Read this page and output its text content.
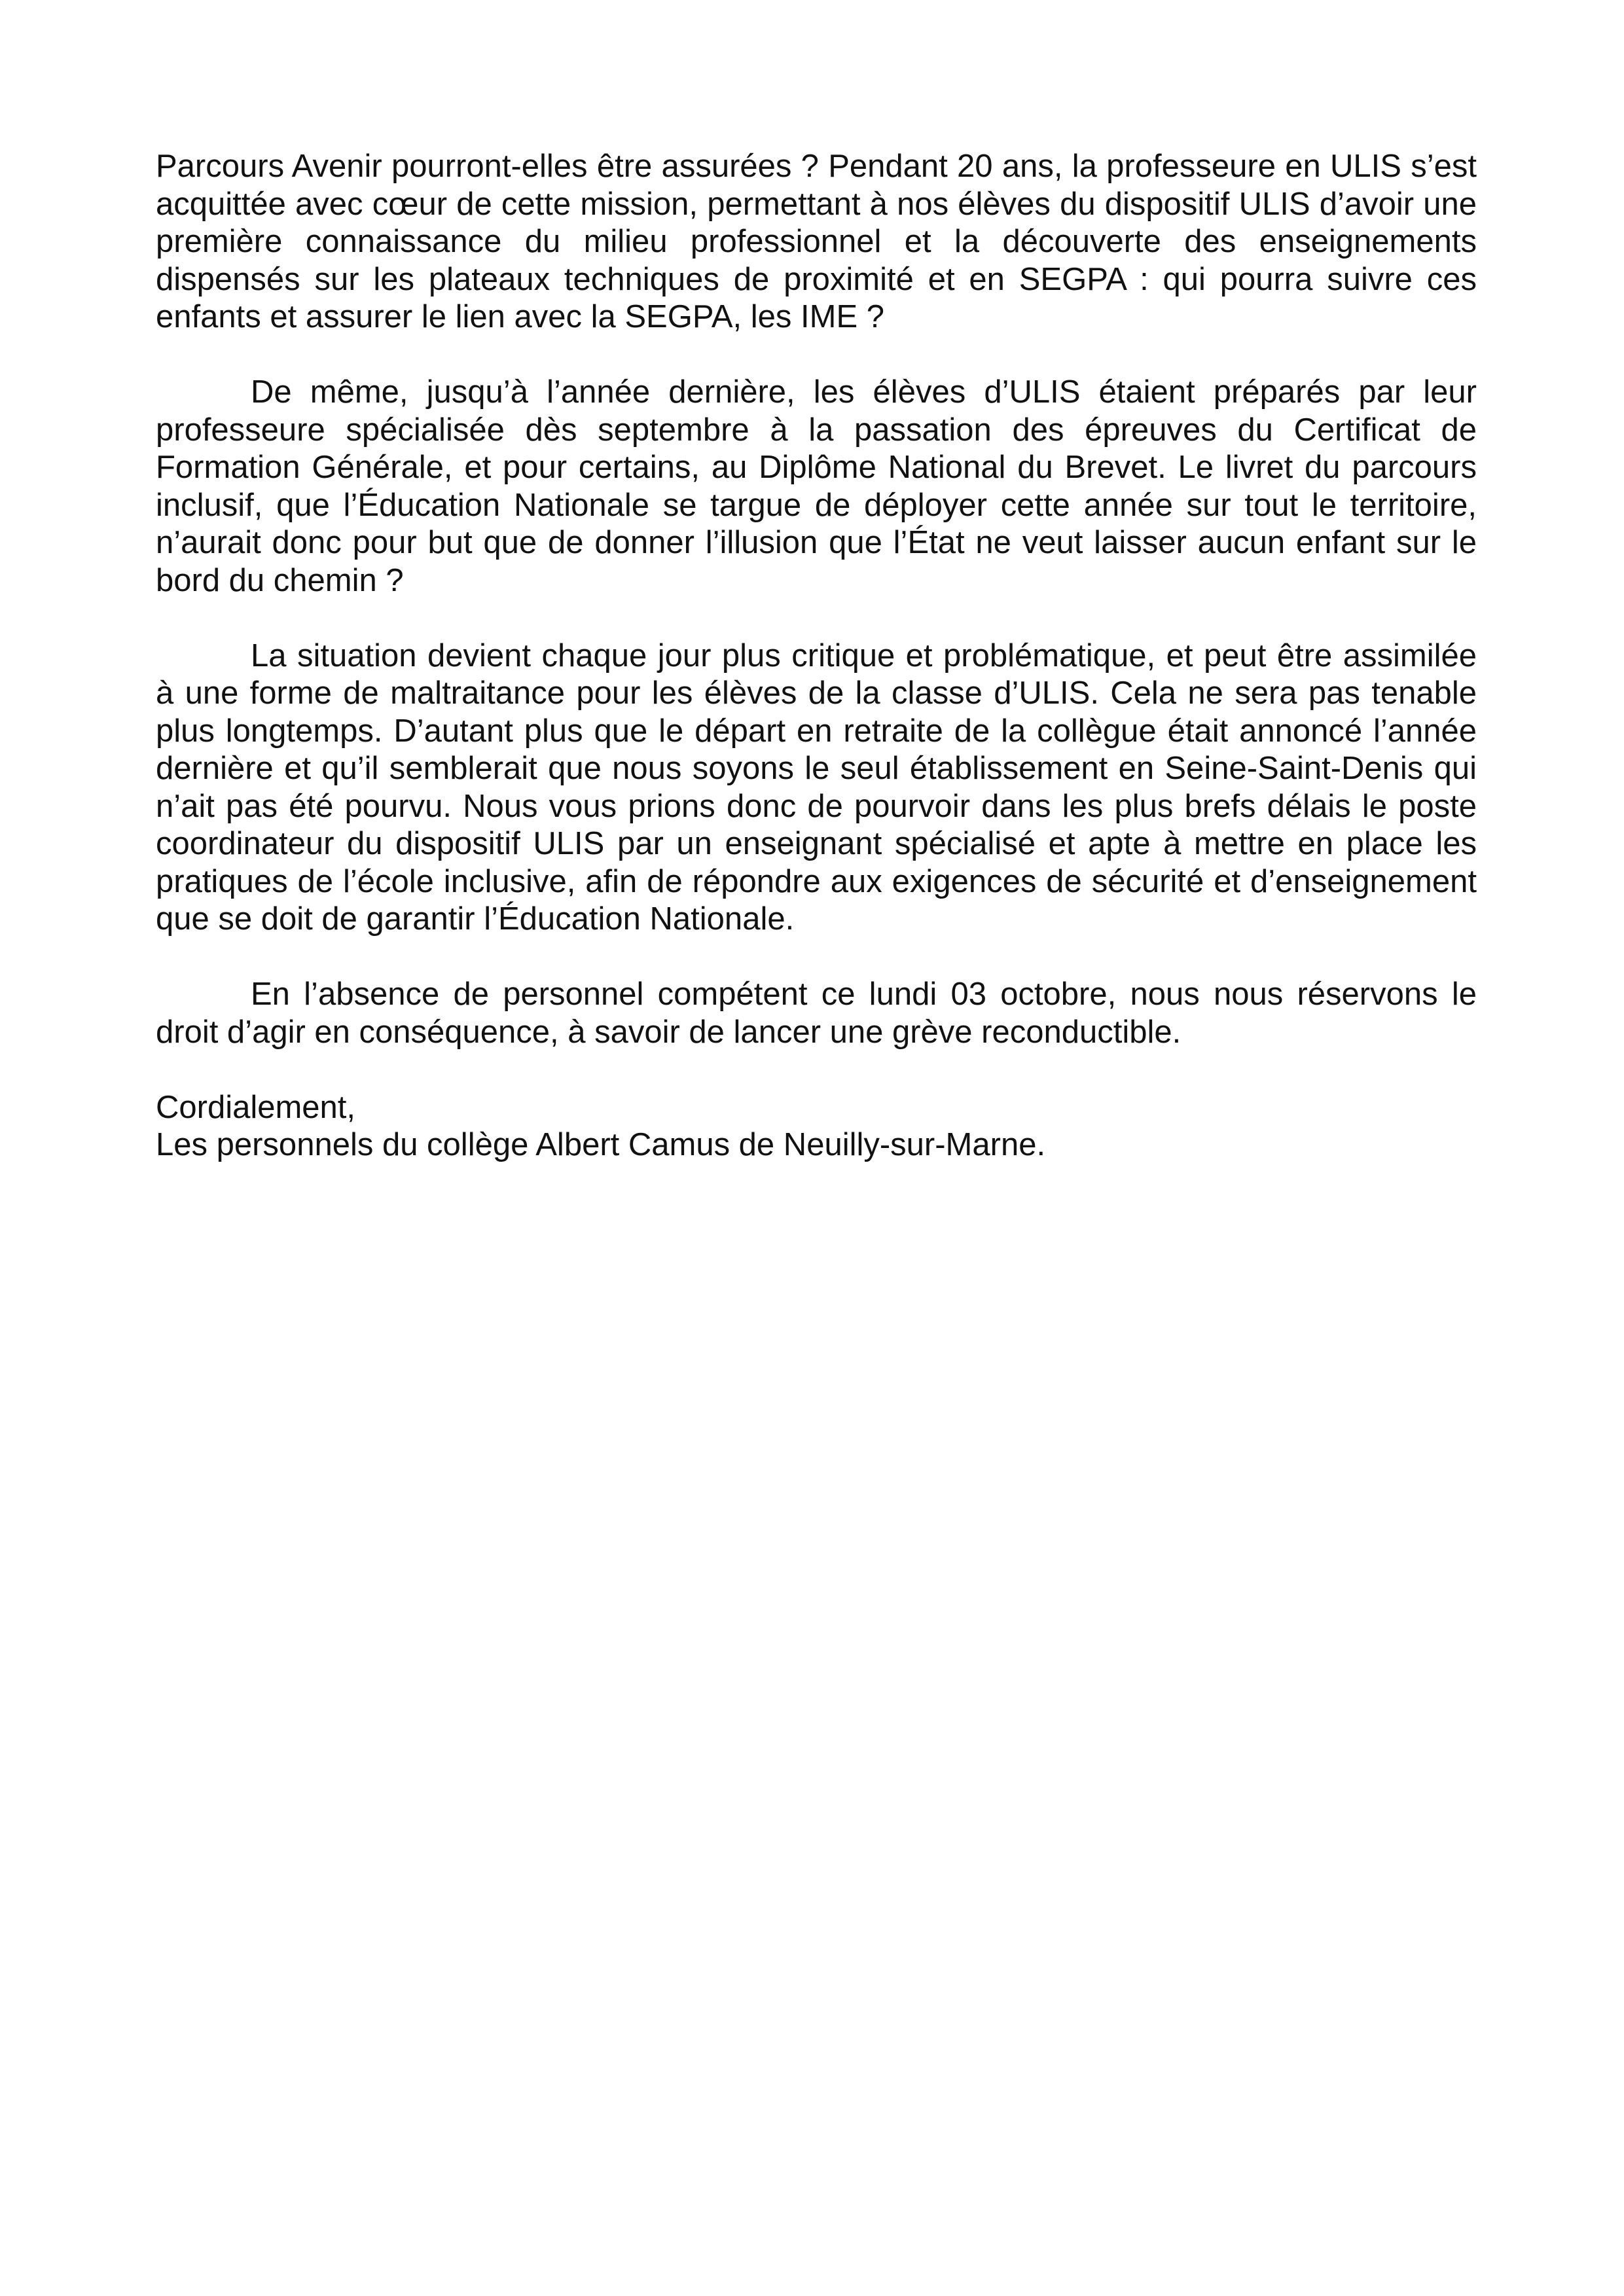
Parcours Avenir pourront-elles être assurées ? Pendant 20 ans, la professeure en ULIS s’est acquittée avec cœur de cette mission, permettant à nos élèves du dispositif ULIS d’avoir une première connaissance du milieu professionnel et la découverte des enseignements dispensés sur les plateaux techniques de proximité et en SEGPA : qui pourra suivre ces enfants et assurer le lien avec la SEGPA, les IME ?

De même, jusqu’à l’année dernière, les élèves d’ULIS étaient préparés par leur professeure spécialisée dès septembre à la passation des épreuves du Certificat de Formation Générale, et pour certains, au Diplôme National du Brevet. Le livret du parcours inclusif, que l’Éducation Nationale se targue de déployer cette année sur tout le territoire, n’aurait donc pour but que de donner l’illusion que l’État ne veut laisser aucun enfant sur le bord du chemin ?

La situation devient chaque jour plus critique et problématique, et peut être assimilée à une forme de maltraitance pour les élèves de la classe d’ULIS. Cela ne sera pas tenable plus longtemps. D’autant plus que le départ en retraite de la collègue était annoncé l’année dernière et qu’il semblerait que nous soyons le seul établissement en Seine-Saint-Denis qui n’ait pas été pourvu. Nous vous prions donc de pourvoir dans les plus brefs délais le poste coordinateur du dispositif ULIS par un enseignant spécialisé et apte à mettre en place les pratiques de l’école inclusive, afin de répondre aux exigences de sécurité et d’enseignement que se doit de garantir l’Éducation Nationale.

En l’absence de personnel compétent ce lundi 03 octobre, nous nous réservons le droit d’agir en conséquence, à savoir de lancer une grève reconductible.

Cordialement,
Les personnels du collège Albert Camus de Neuilly-sur-Marne.
